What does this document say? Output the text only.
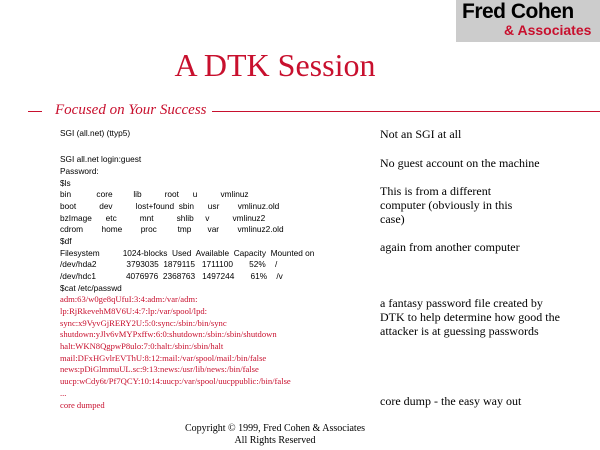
Fred Cohen
& Associates
A DTK Session
Focused on Your Success
SGI (all.net) (ttyp5)
SGI all.net login:guest
Password:
$ls
bin           core         lib          root      u          vmlinuz
boot          dev          lost+found  sbin      usr        vmlinuz.old
bzImage      etc          mnt          shlib     v          vmlinuz2
cdrom        home        proc         tmp       var        vmlinuz2.old
$df
Filesystem          1024-blocks  Used  Available  Capacity  Mounted on
/dev/hda2             3793035  1879115   1711100       52%    /
/dev/hdc1             4076976  2368763   1497244       61%    /v
$cat /etc/passwd
adm:63/w0ge8qUfuI:3:4:adm:/var/adm:
lp:RjRkevehM8V6U:4:7:lp:/var/spool/lpd:
sync:x9VyvGjRERY2U:5:0:sync:/sbin:/bin/sync
shutdown:yJlv6vMYPxffw:6:0:shutdown:/sbin:/sbin/shutdown
halt:WKN8QgpwP8ulo:7:0:halt:/sbin:/sbin/halt
mail:DFxHGvlrEVThU:8:12:mail:/var/spool/mail:/bin/false
news:pDiGlmmuUL.sc:9:13:news:/usr/lib/news:/bin/false
uucp:wCdy6t/Pf7QCY:10:14:uucp:/var/spool/uucppublic:/bin/false
...
core dumped
Not an SGI at all
No guest account on the machine
This is from a different computer (obviously in this case)
again from another computer
a fantasy password file created by DTK to help determine how good the attacker is at guessing passwords
core dump - the easy way out
Copyright © 1999, Fred Cohen & Associates
All Rights Reserved
